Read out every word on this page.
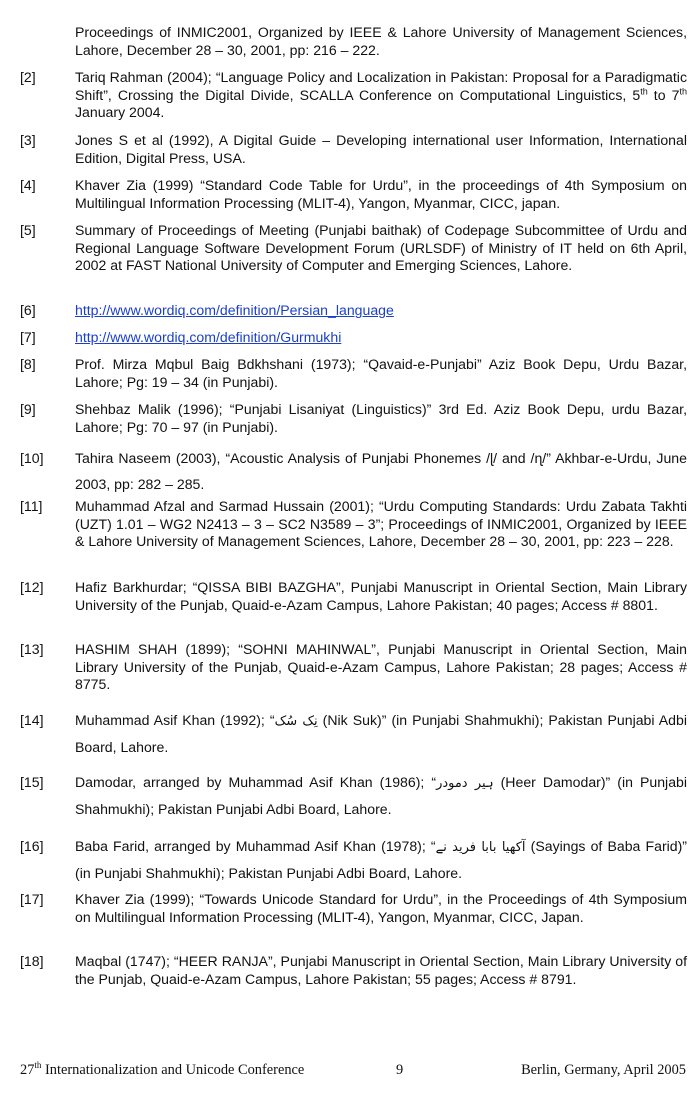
Proceedings of INMIC2001, Organized by IEEE & Lahore University of Management Sciences, Lahore, December 28 – 30, 2001, pp: 216 – 222.
[2]	Tariq Rahman (2004); “Language Policy and Localization in Pakistan: Proposal for a Paradigmatic Shift”, Crossing the Digital Divide, SCALLA Conference on Computational Linguistics, 5th to 7th January 2004.
[3]	Jones S et al (1992), A Digital Guide – Developing international user Information, International Edition, Digital Press, USA.
[4]	Khaver Zia (1999) “Standard Code Table for Urdu”, in the proceedings of 4th Symposium on Multilingual Information Processing (MLIT-4), Yangon, Myanmar, CICC, japan.
[5]	Summary of Proceedings of Meeting (Punjabi baithak) of Codepage Subcommittee of Urdu and Regional Language Software Development Forum (URLSDF) of Ministry of IT held on 6th April, 2002 at FAST National University of Computer and Emerging Sciences, Lahore.
[6]	http://www.wordiq.com/definition/Persian_language
[7]	http://www.wordiq.com/definition/Gurmukhi
[8]	Prof. Mirza Mqbul Baig Bdkhshani (1973); “Qavaid-e-Punjabi” Aziz Book Depu, Urdu Bazar, Lahore; Pg: 19 – 34 (in Punjabi).
[9]	Shehbaz Malik (1996); “Punjabi Lisaniyat (Linguistics)” 3rd Ed. Aziz Book Depu, urdu Bazar, Lahore; Pg: 70 – 97 (in Punjabi).
[10] Tahira Naseem (2003), “Acoustic Analysis of Punjabi Phonemes /ɭ/ and /ɳ/” Akhbar-e-Urdu, June 2003, pp: 282 – 285.
[11] Muhammad Afzal and Sarmad Hussain (2001); “Urdu Computing Standards: Urdu Zabata Takhti (UZT) 1.01 – WG2 N2413 – 3 – SC2 N3589 – 3”; Proceedings of INMIC2001, Organized by IEEE & Lahore University of Management Sciences, Lahore, December 28 – 30, 2001, pp: 223 – 228.
[12] Hafiz Barkhurdar; “QISSA BIBI BAZGHA”, Punjabi Manuscript in Oriental Section, Main Library University of the Punjab, Quaid-e-Azam Campus, Lahore Pakistan; 40 pages; Access # 8801.
[13] HASHIM SHAH (1899); “SOHNI MAHINWAL”, Punjabi Manuscript in Oriental Section, Main Library University of the Punjab, Quaid-e-Azam Campus, Lahore Pakistan; 28 pages; Access # 8775.
[14] Muhammad Asif Khan (1992); “نِک سُک (Nik Suk)” (in Punjabi Shahmukhi); Pakistan Punjabi Adbi Board, Lahore.
[15] Damodar, arranged by Muhammad Asif Khan (1986); “ہیر دمودر (Heer Damodar)” (in Punjabi Shahmukhi); Pakistan Punjabi Adbi Board, Lahore.
[16] Baba Farid, arranged by Muhammad Asif Khan (1978); “آکھیا بابا فرید نے (Sayings of Baba Farid)” (in Punjabi Shahmukhi); Pakistan Punjabi Adbi Board, Lahore.
[17] Khaver Zia (1999); “Towards Unicode Standard for Urdu”, in the Proceedings of 4th Symposium on Multilingual Information Processing (MLIT-4), Yangon, Myanmar, CICC, Japan.
[18] Maqbal (1747); “HEER RANJA”, Punjabi Manuscript in Oriental Section, Main Library University of the Punjab, Quaid-e-Azam Campus, Lahore Pakistan; 55 pages; Access # 8791.
27th Internationalization and Unicode Conference	9	Berlin, Germany, April 2005
